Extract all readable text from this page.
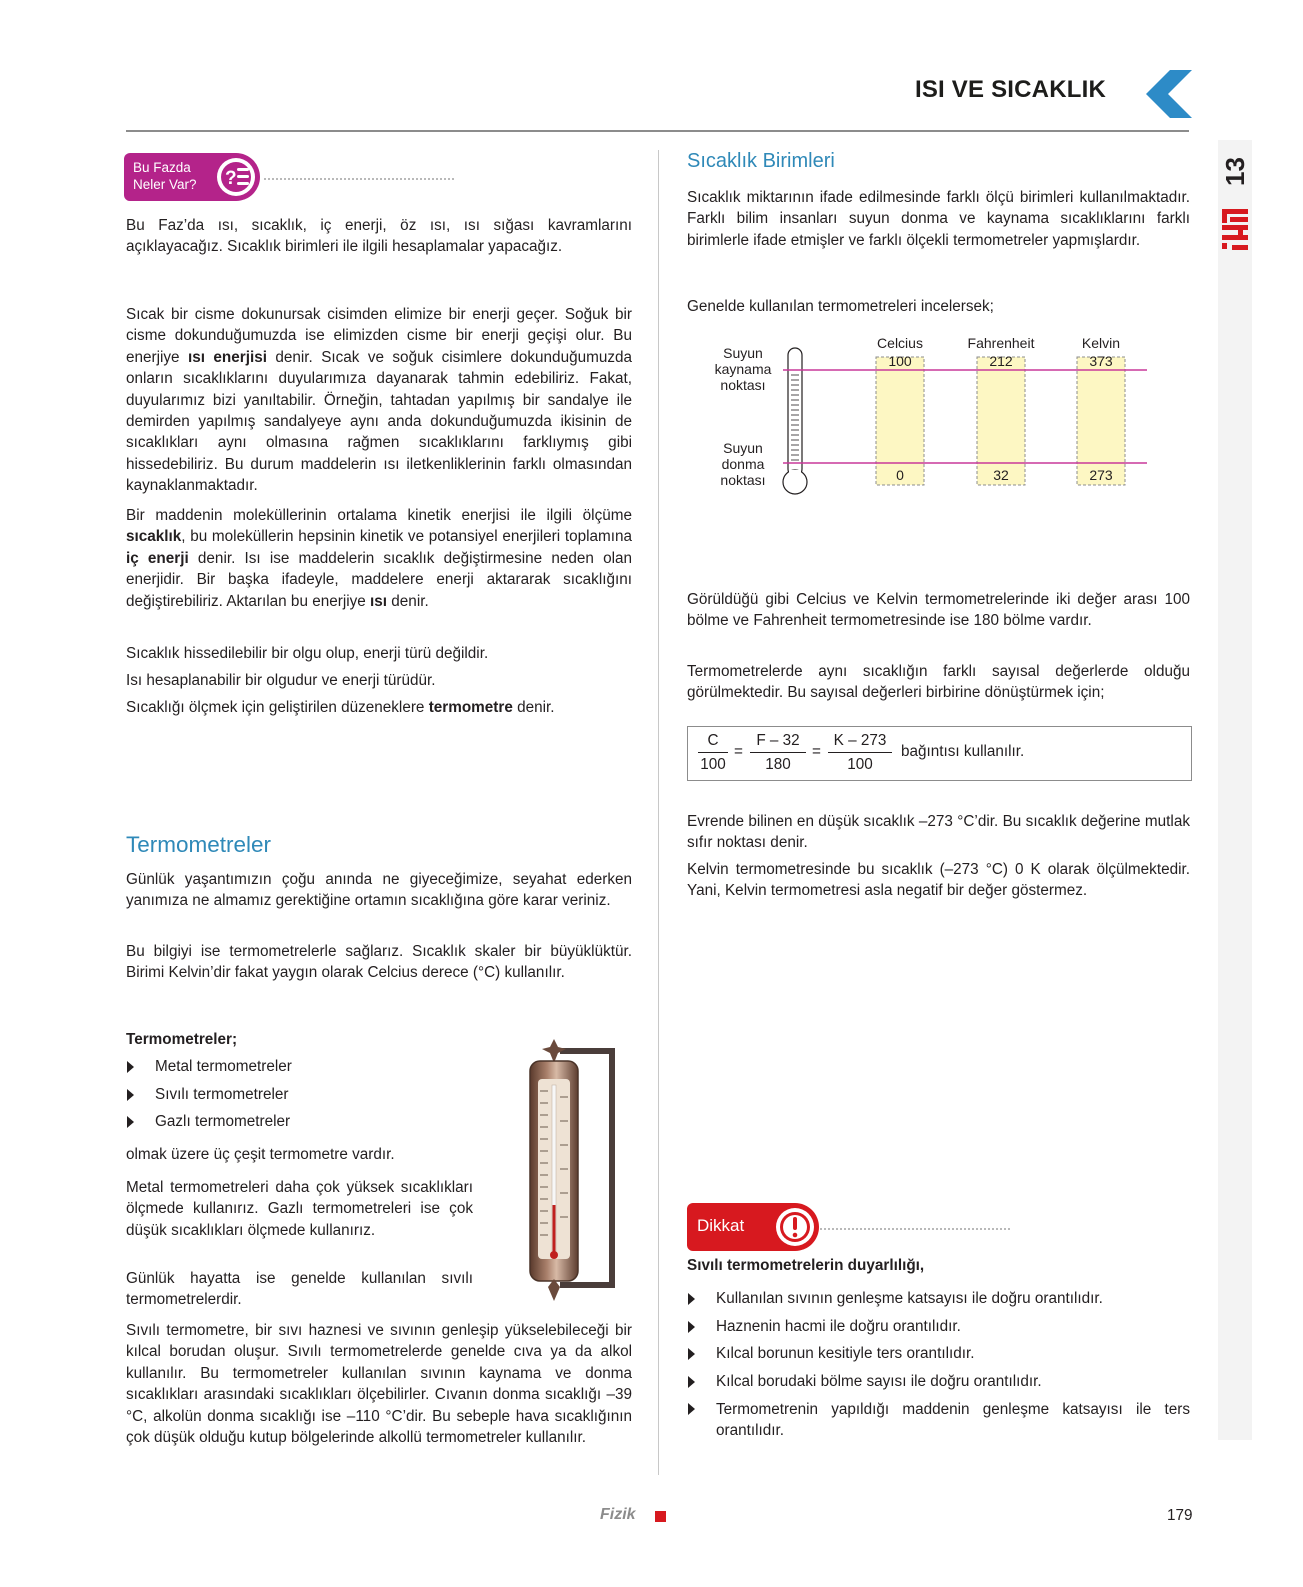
ISI VE SICAKLIK
13
?
Bu Fazda
Neler Var?

Bu Faz’da ısı, sıcaklık, iç enerji, öz ısı, ısı sığası kavramlarını açıklayacağız. Sıcaklık birimleri ile ilgili hesaplamalar yapacağız.

Sıcak bir cisme dokunursak cisimden elimize bir enerji geçer. Soğuk bir cisme dokunduğumuzda ise elimizden cisme bir enerji geçişi olur. Bu enerjiye ısı enerjisi denir. Sıcak ve soğuk cisimlere dokunduğumuzda onların sıcaklıklarını duyularımıza dayanarak tahmin edebiliriz. Fakat, duyularımız bizi yanıltabilir. Örneğin, tahtadan yapılmış bir sandalye ile demirden yapılmış sandalyeye aynı anda dokunduğumuzda ikisinin de sıcaklıkları aynı olmasına rağmen sıcaklıklarını farklıymış gibi hissedebiliriz. Bu durum maddelerin ısı iletkenliklerinin farklı olmasından kaynaklanmaktadır.

Bir maddenin moleküllerinin ortalama kinetik enerjisi ile ilgili ölçüme sıcaklık, bu moleküllerin hepsinin kinetik ve potansiyel enerjileri toplamına iç enerji denir. Isı ise maddelerin sıcaklık değiştirmesine neden olan enerjidir. Bir başka ifadeyle, maddelere enerji aktararak sıcaklığını değiştirebiliriz. Aktarılan bu enerjiye ısı denir.

Sıcaklık hissedilebilir bir olgu olup, enerji türü değildir.

Isı hesaplanabilir bir olgudur ve enerji türüdür.

Sıcaklığı ölçmek için geliştirilen düzeneklere termometre denir.

Termometreler

Günlük yaşantımızın çoğu anında ne giyeceğimize, seyahat ederken yanımıza ne almamız gerektiğine ortamın sıcaklığına göre karar veriniz.

Bu bilgiyi ise termometrelerle sağlarız. Sıcaklık skaler bir büyüklüktür. Birimi Kelvin’dir fakat yaygın olarak Celcius derece (°C) kullanılır.

Termometreler;
Metal termometreler
Sıvılı termometreler
Gazlı termometreler

olmak üzere üç çeşit termometre vardır.

Metal termometreleri daha çok yüksek sıcaklıkları ölçmede kullanırız. Gazlı termometreleri ise çok düşük sıcaklıkları ölçmede kullanırız.

Günlük hayatta ise genelde kullanılan sıvılı termometrelerdir.

Sıvılı termometre, bir sıvı haznesi ve sıvının genleşip yükselebileceği bir kılcal borudan oluşur. Sıvılı termometrelerde genelde cıva ya da alkol kullanılır. Bu termometreler kullanılan sıvının kaynama ve donma sıcaklıkları arasındaki sıcaklıkları ölçebilirler. Cıvanın donma sıcaklığı –39 °C, alkolün donma sıcaklığı ise –110 °C’dir. Bu sebeple hava sıcaklığının çok düşük olduğu kutup bölgelerinde alkollü termometreler kullanılır.

Sıcaklık Birimleri

Sıcaklık miktarının ifade edilmesinde farklı ölçü birimleri kullanılmaktadır. Farklı bilim insanları suyun donma ve kaynama sıcaklıklarını farklı birimlerle ifade etmişler ve farklı ölçekli termometreler yapmışlardır.

Genelde kullanılan termometreleri incelersek;

Celcius	Fahrenheit	Kelvin
100	212	373
0	32	273
Suyun
kaynama
noktası
Suyun
donma
noktası

Görüldüğü gibi Celcius ve Kelvin termometrelerinde iki değer arası 100 bölme ve Fahrenheit termometresinde ise 180 bölme vardır.

Termometrelerde aynı sıcaklığın farklı sayısal değerlerde olduğu görülmektedir. Bu sayısal değerleri birbirine dönüştürmek için;

$\frac{C}{100} = \frac{F - 32}{180} = \frac{K - 273}{100}$ bağıntısı kullanılır.

Evrende bilinen en düşük sıcaklık –273 °C’dir. Bu sıcaklık değerine mutlak sıfır noktası denir.

Kelvin termometresinde bu sıcaklık (–273 °C) 0 K olarak ölçülmektedir. Yani, Kelvin termometresi asla negatif bir değer göstermez.

Dikkat
Sıvılı termometrelerin duyarlılığı,
Kullanılan sıvının genleşme katsayısı ile doğru orantılıdır.
Haznenin hacmi ile doğru orantılıdır.
Kılcal borunun kesitiyle ters orantılıdır.
Kılcal borudaki bölme sayısı ile doğru orantılıdır.
Termometrenin yapıldığı maddenin genleşme katsayısı ile ters orantılıdır.
Fizik	179
